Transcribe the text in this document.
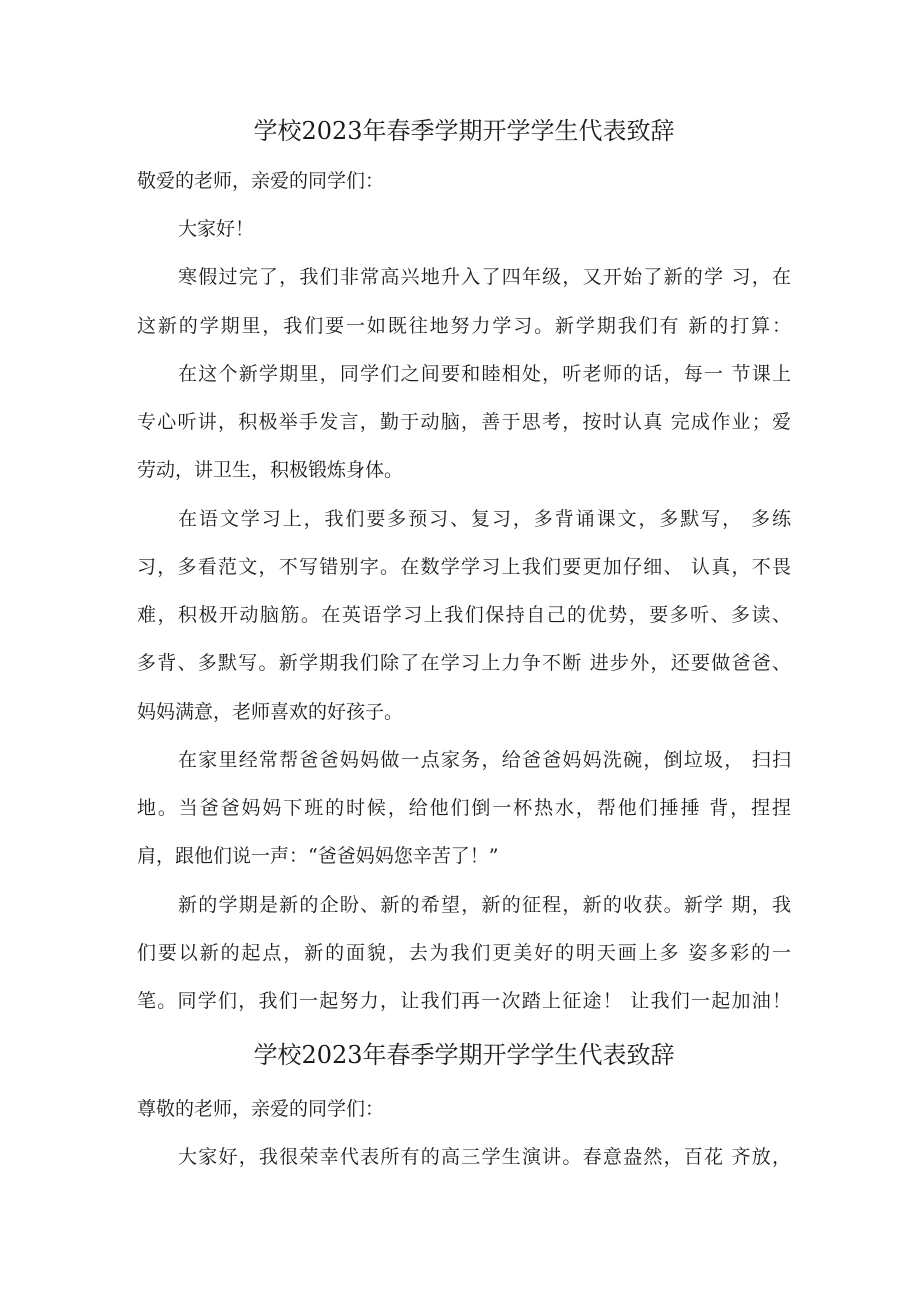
学校2023年春季学期开学学生代表致辞
敬爱的老师，亲爱的同学们：
大家好！
寒假过完了，我们非常高兴地升入了四年级，又开始了新的学 习，在
这新的学期里，我们要一如既往地努力学习。新学期我们有 新的打算：
在这个新学期里，同学们之间要和睦相处，听老师的话，每一 节课上
专心听讲，积极举手发言，勤于动脑，善于思考，按时认真 完成作业；爱
劳动，讲卫生，积极锻炼身体。
在语文学习上，我们要多预习、复习，多背诵课文，多默写， 多练
习，多看范文，不写错别字。在数学学习上我们要更加仔细、 认真，不畏
难，积极开动脑筋。在英语学习上我们保持自己的优势，要多听、多读、
多背、多默写。新学期我们除了在学习上力争不断 进步外，还要做爸爸、
妈妈满意，老师喜欢的好孩子。
在家里经常帮爸爸妈妈做一点家务，给爸爸妈妈洗碗，倒垃圾， 扫扫
地。当爸爸妈妈下班的时候，给他们倒一杯热水，帮他们捶捶 背，捏捏
肩，跟他们说一声：“爸爸妈妈您辛苦了！”
新的学期是新的企盼、新的希望，新的征程，新的收获。新学 期，我
们要以新的起点，新的面貌，去为我们更美好的明天画上多 姿多彩的一
笔。同学们，我们一起努力，让我们再一次踏上征途！ 让我们一起加油！
学校2023年春季学期开学学生代表致辞
尊敬的老师，亲爱的同学们：
大家好，我很荣幸代表所有的高三学生演讲。春意盎然，百花 齐放，
